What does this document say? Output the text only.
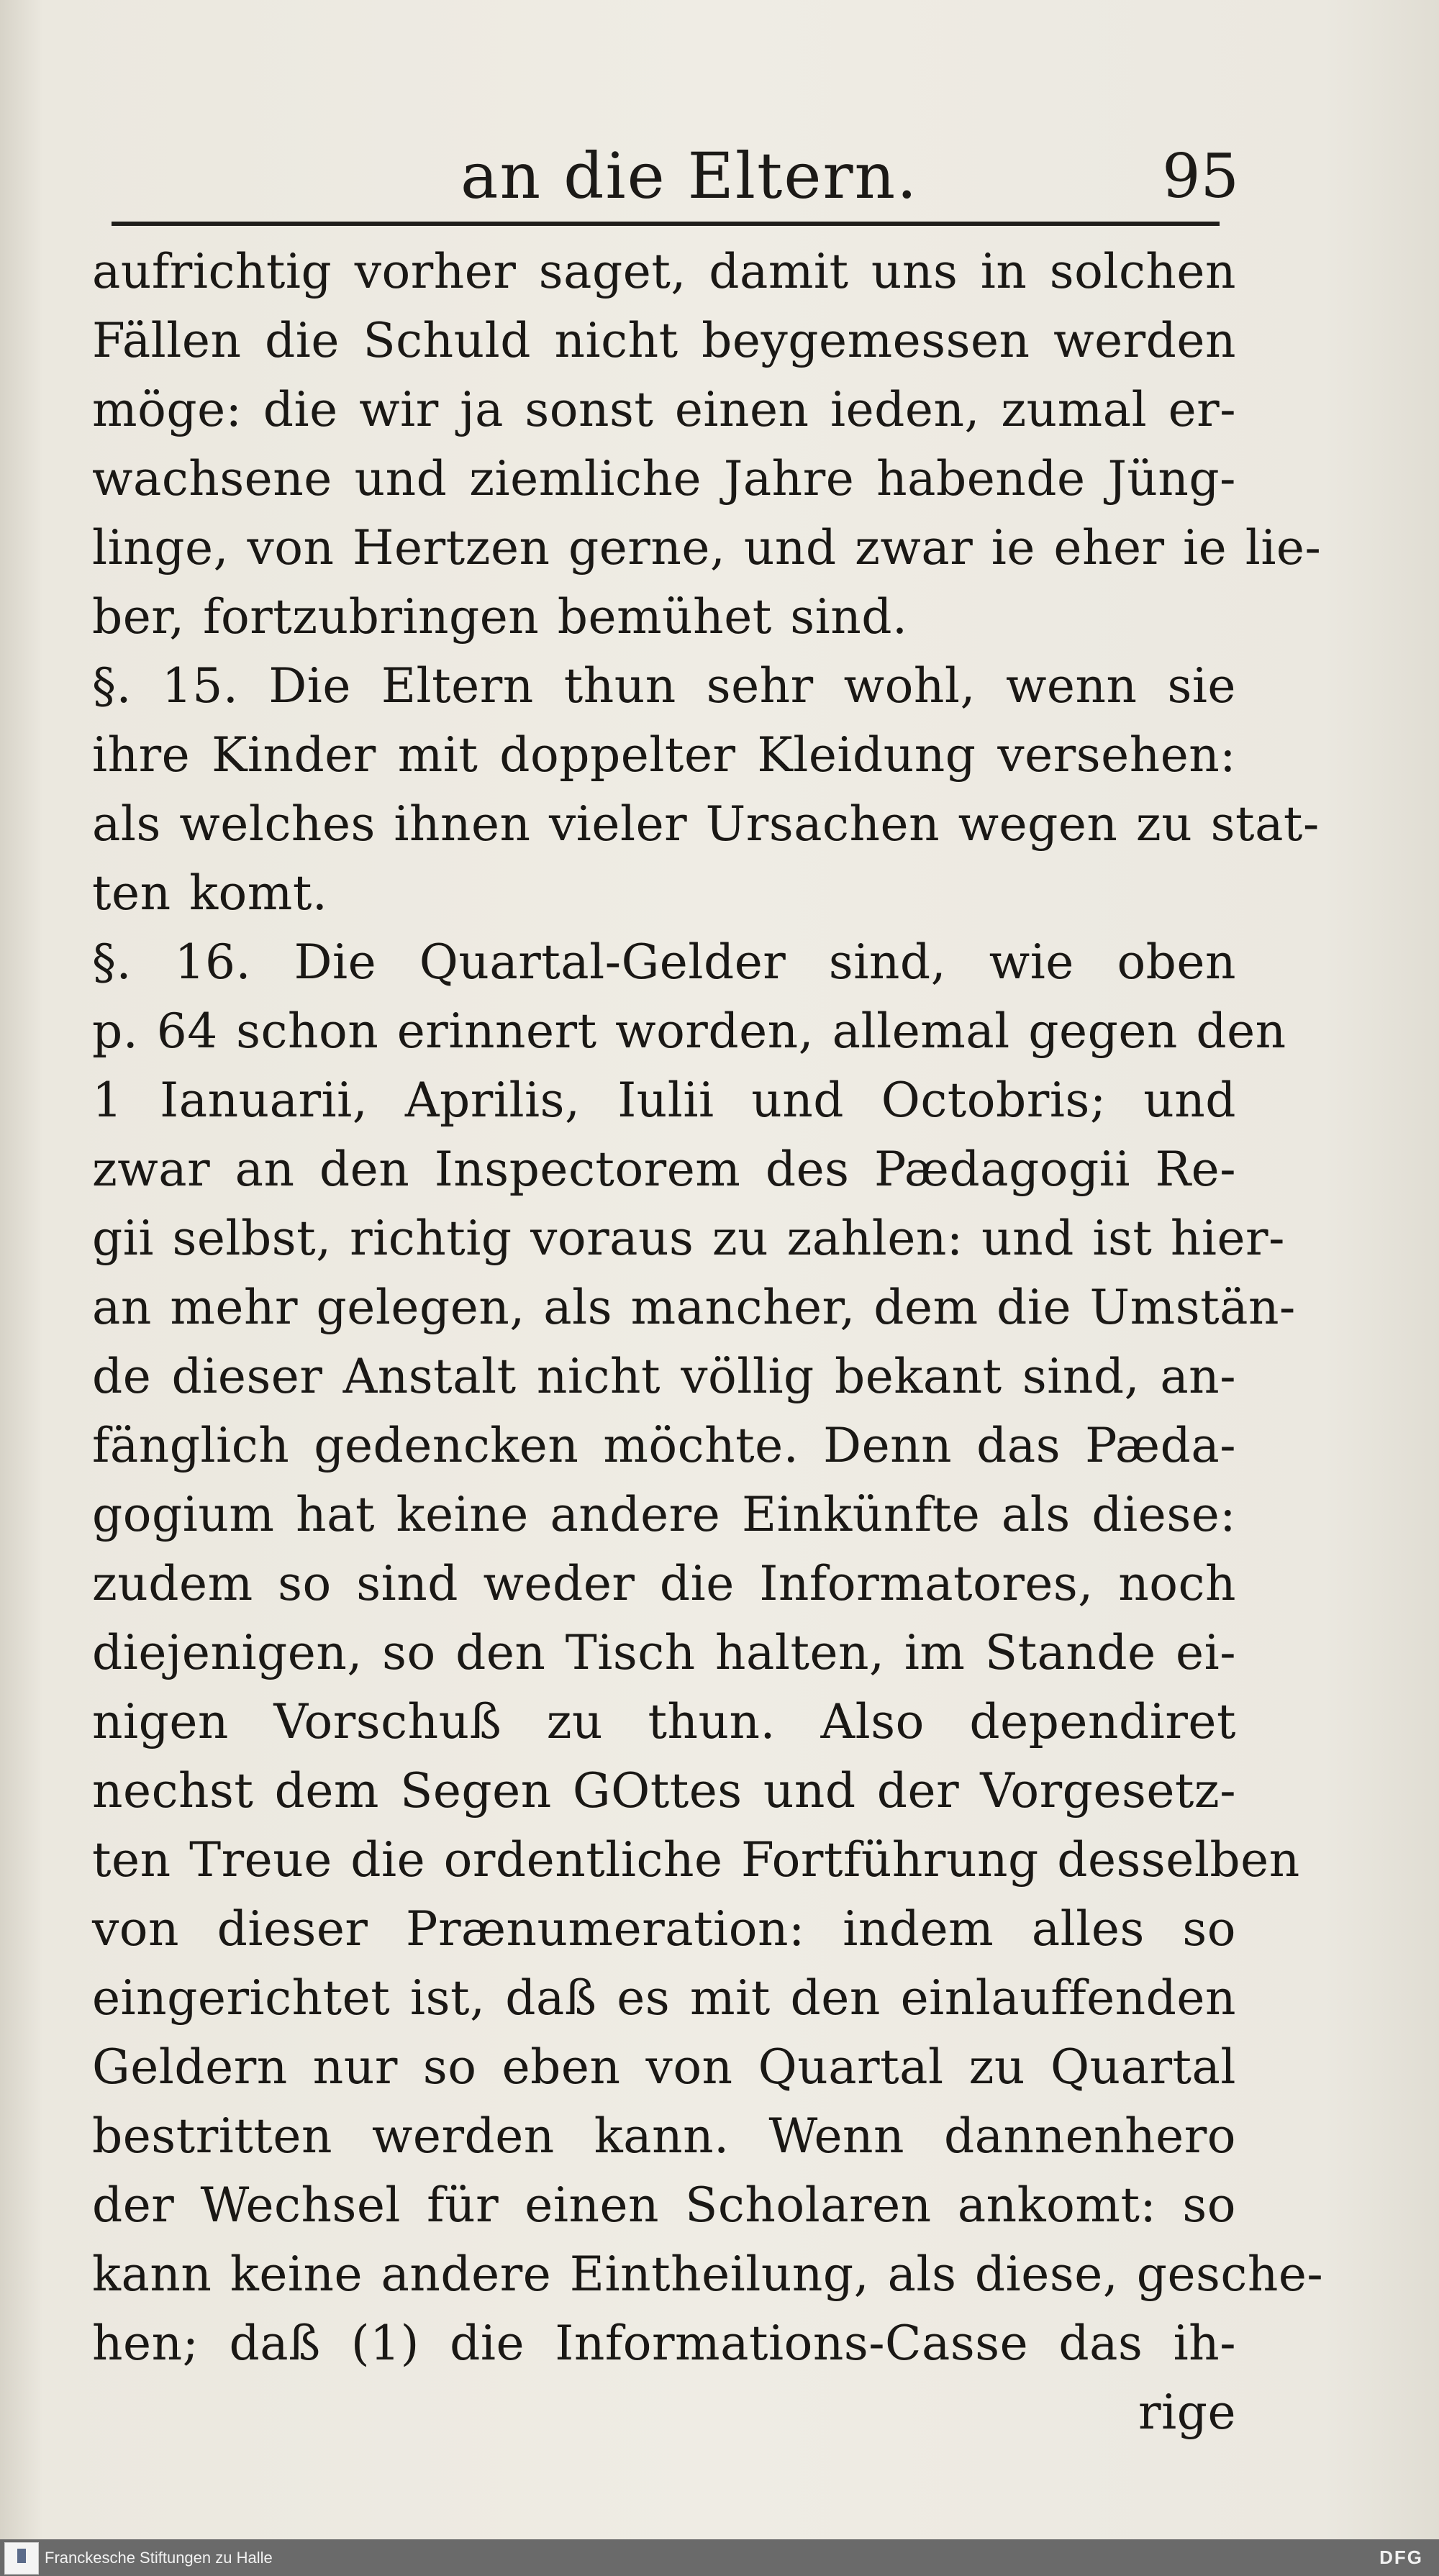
an die Eltern.	95
aufrichtig vorher saget, damit uns in solchen
Fällen die Schuld nicht beygemessen werden
möge: die wir ja sonst einen ieden, zumal er-
wachsene und ziemliche Jahre habende Jüng-
linge, von Hertzen gerne, und zwar ie eher ie lie-
ber, fortzubringen bemühet sind.
§. 15. Die Eltern thun sehr wohl, wenn sie
ihre Kinder mit doppelter Kleidung versehen:
als welches ihnen vieler Ursachen wegen zu stat-
ten komt.
§. 16. Die Quartal-Gelder sind, wie oben
p. 64 schon erinnert worden, allemal gegen den
1 Ianuarii, Aprilis, Iulii und Octobris; und
zwar an den Inspectorem des Pædagogii Re-
gii selbst, richtig voraus zu zahlen: und ist hier-
an mehr gelegen, als mancher, dem die Umstän-
de dieser Anstalt nicht völlig bekant sind, an-
fänglich gedencken möchte. Denn das Pæda-
gogium hat keine andere Einkünfte als diese:
zudem so sind weder die Informatores, noch
diejenigen, so den Tisch halten, im Stande ei-
nigen Vorschuß zu thun. Also dependiret
nechst dem Segen GOttes und der Vorgesetz-
ten Treue die ordentliche Fortführung desselben
von dieser Prænumeration: indem alles so
eingerichtet ist, daß es mit den einlauffenden
Geldern nur so eben von Quartal zu Quartal
bestritten werden kann. Wenn dannenhero
der Wechsel für einen Scholaren ankomt: so
kann keine andere Eintheilung, als diese, gesche-
hen; daß (1) die Informations-Casse das ih-
rige
Franckesche Stiftungen zu Halle	DFG
